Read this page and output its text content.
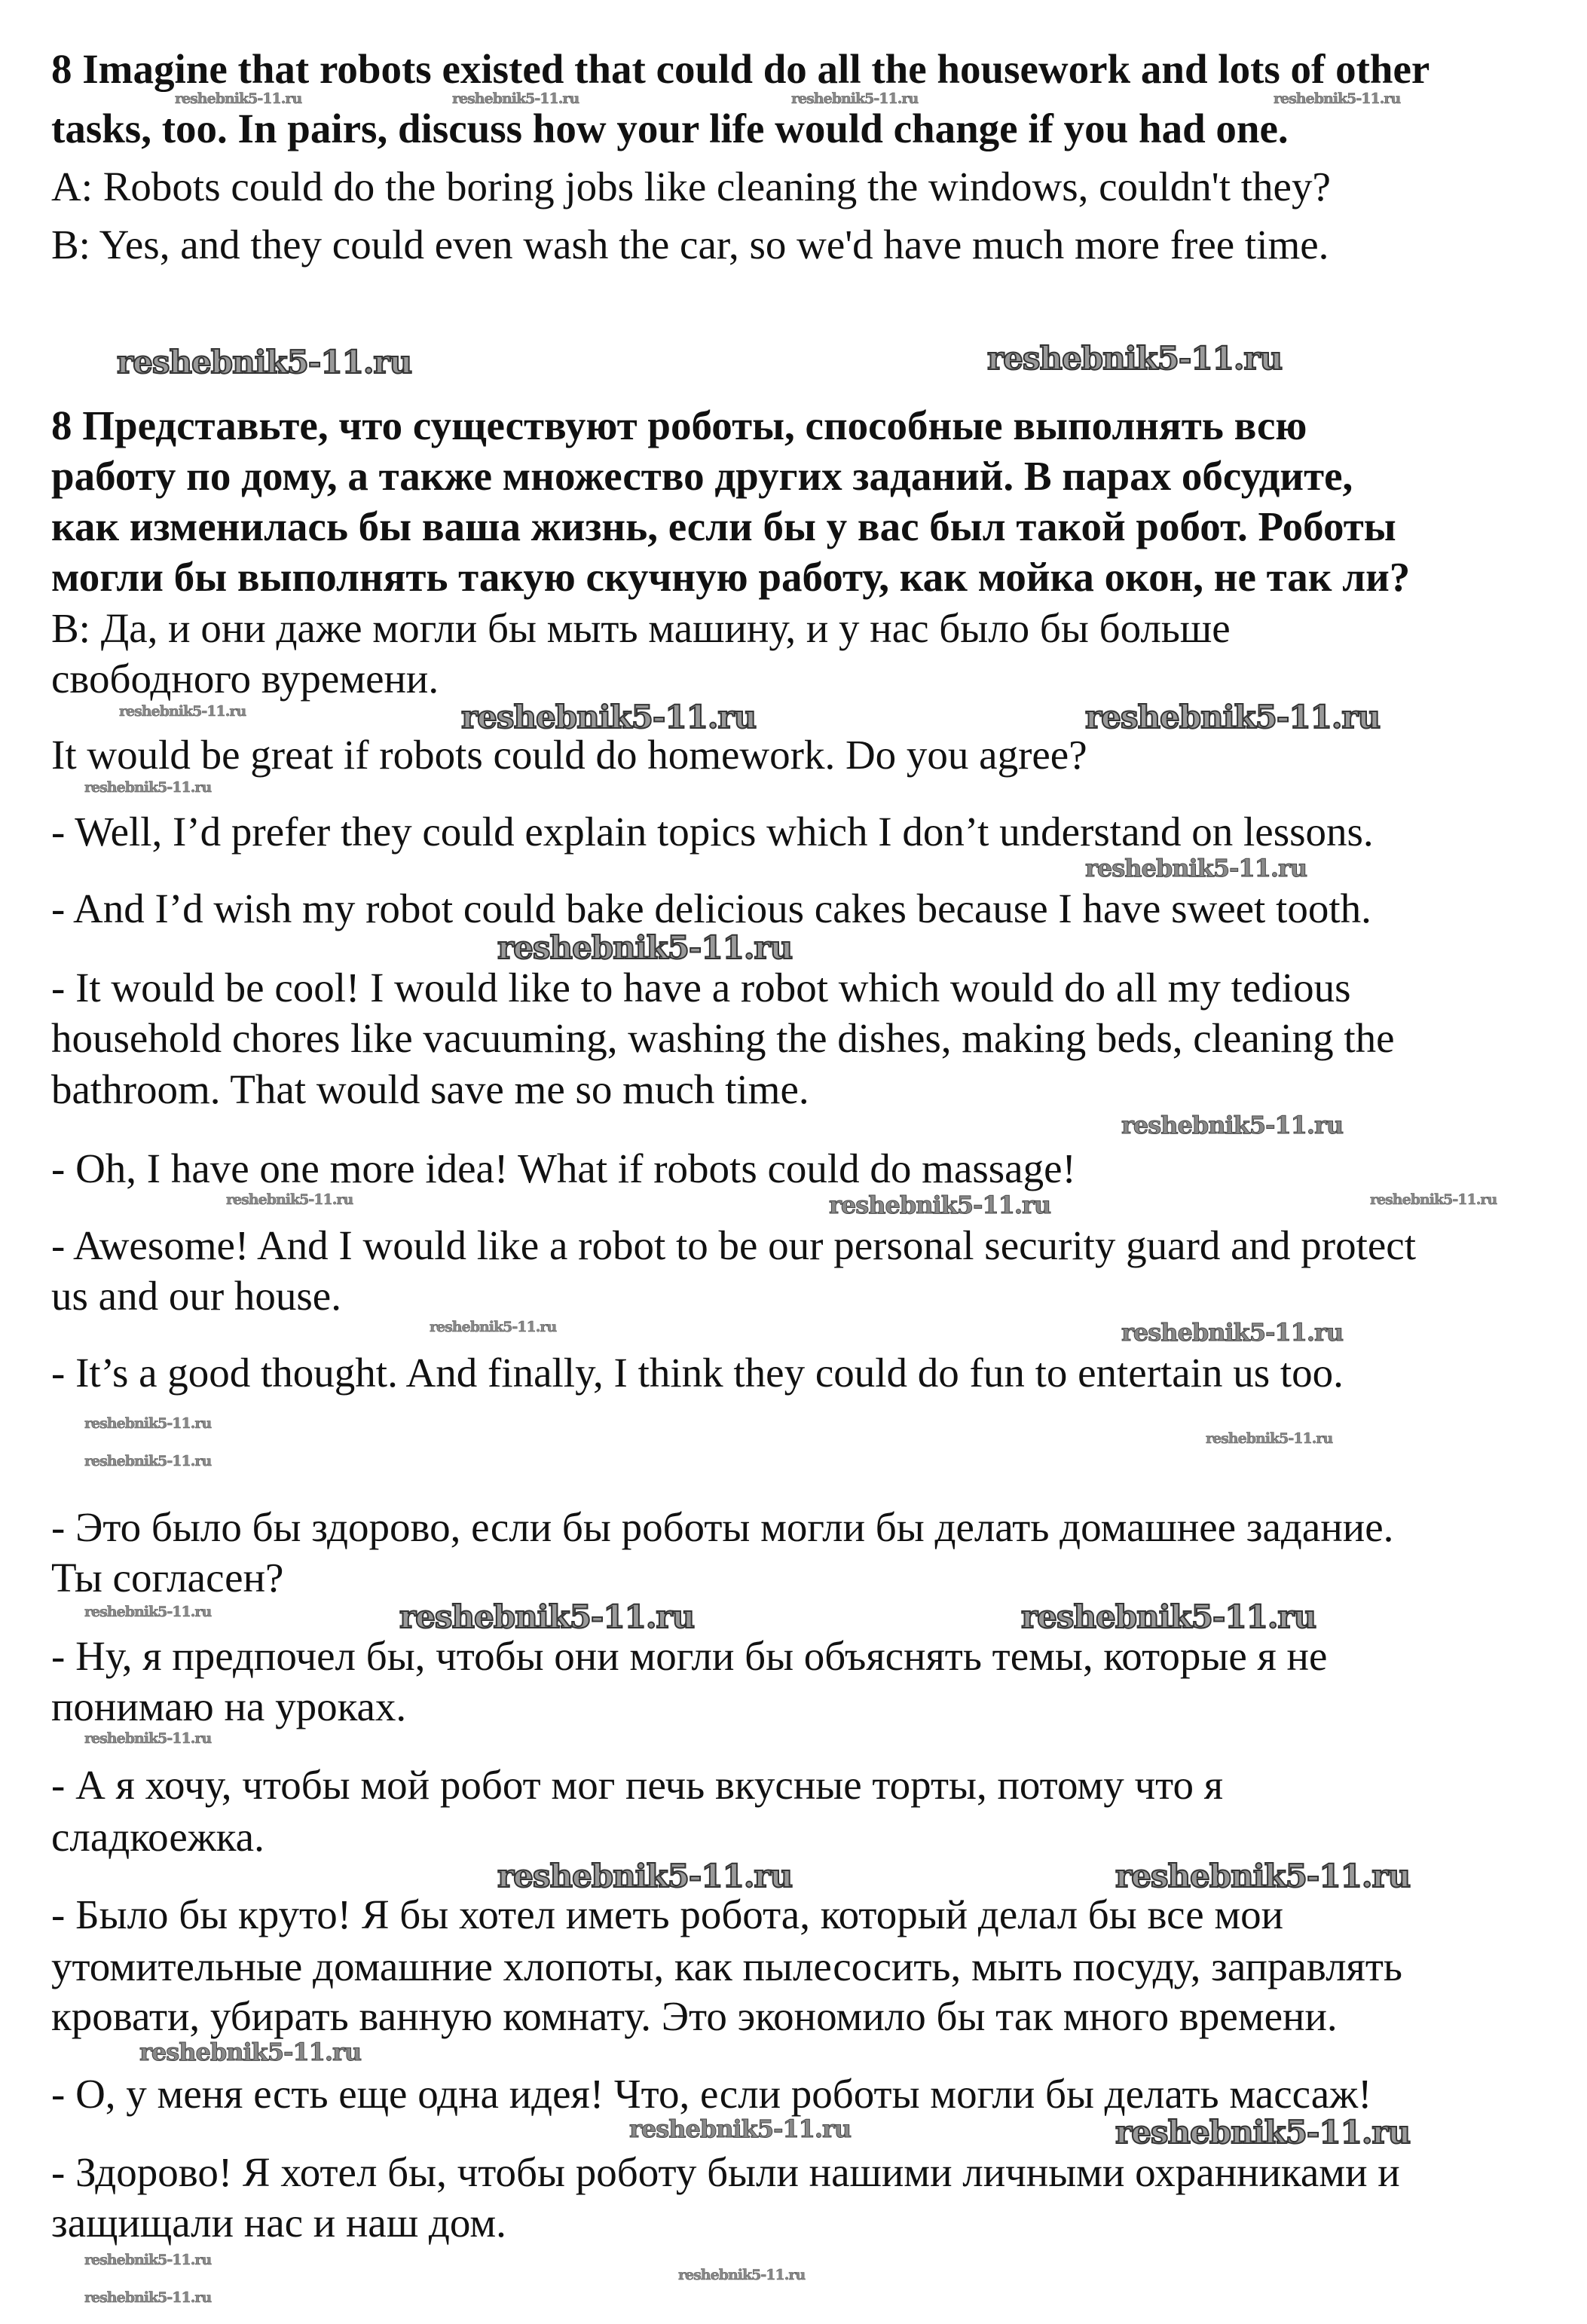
8 Imagine that robots existed that could do all the housework and lots of other
tasks, too. In pairs, discuss how your life would change if you had one.
A: Robots could do the boring jobs like cleaning the windows, couldn't they?
B: Yes, and they could even wash the car, so we'd have much more free time.
8 Представьте, что существуют роботы, способные выполнять всю
работу по дому, а также множество других заданий. В парах обсудите,
как изменилась бы ваша жизнь, если бы у вас был такой робот. Роботы
могли бы выполнять такую скучную работу, как мойка окон, не так ли?
B: Да, и они даже могли бы мыть машину, и у нас было бы больше
свободного вуремени.
It would be great if robots could do homework. Do you agree?
- Well, I’d prefer they could explain topics which I don’t understand on lessons.
- And I’d wish my robot could bake delicious cakes because I have sweet tooth.
- It would be cool! I would like to have a robot which would do all my tedious
household chores like vacuuming, washing the dishes, making beds, cleaning the
bathroom. That would save me so much time.
- Oh, I have one more idea! What if robots could do massage!
- Awesome! And I would like a robot to be our personal security guard and protect
us and our house.
- It’s a good thought. And finally, I think they could do fun to entertain us too.
- Это было бы здорово, если бы роботы могли бы делать домашнее задание.
Ты согласен?
- Ну, я предпочел бы, чтобы они могли бы объяснять темы, которые я не
понимаю на уроках.
- А я хочу, чтобы мой робот мог печь вкусные торты, потому что я
сладкоежка.
- Было бы круто! Я бы хотел иметь робота, который делал бы все мои
утомительные домашние хлопоты, как пылесосить, мыть посуду, заправлять
кровати, убирать ванную комнату. Это экономило бы так много времени.
- О, у меня есть еще одна идея! Что, если роботы могли бы делать массаж!
- Здорово! Я хотел бы, чтобы роботу были нашими личными охранниками и
защищали нас и наш дом.
reshebnik5-11.ru	reshebnik5-11.ru
reshebnik5-11.ru	reshebnik5-11.ru
reshebnik5-11.ru
reshebnik5-11.ru	reshebnik5-11.ru
reshebnik5-11.ru	reshebnik5-11.ru
reshebnik5-11.ru
reshebnik5-11.ru
reshebnik5-11.ru
reshebnik5-11.ru
reshebnik5-11.ru
reshebnik5-11.ru
reshebnik5-11.ru
reshebnik5-11.ru	reshebnik5-11.ru	reshebnik5-11.ru	reshebnik5-11.ru
reshebnik5-11.ru
reshebnik5-11.ru
reshebnik5-11.ru	reshebnik5-11.ru
reshebnik5-11.ru
reshebnik5-11.ru
reshebnik5-11.ru
reshebnik5-11.ru
reshebnik5-11.ru
reshebnik5-11.ru
reshebnik5-11.ru
reshebnik5-11.ru
reshebnik5-11.ru
